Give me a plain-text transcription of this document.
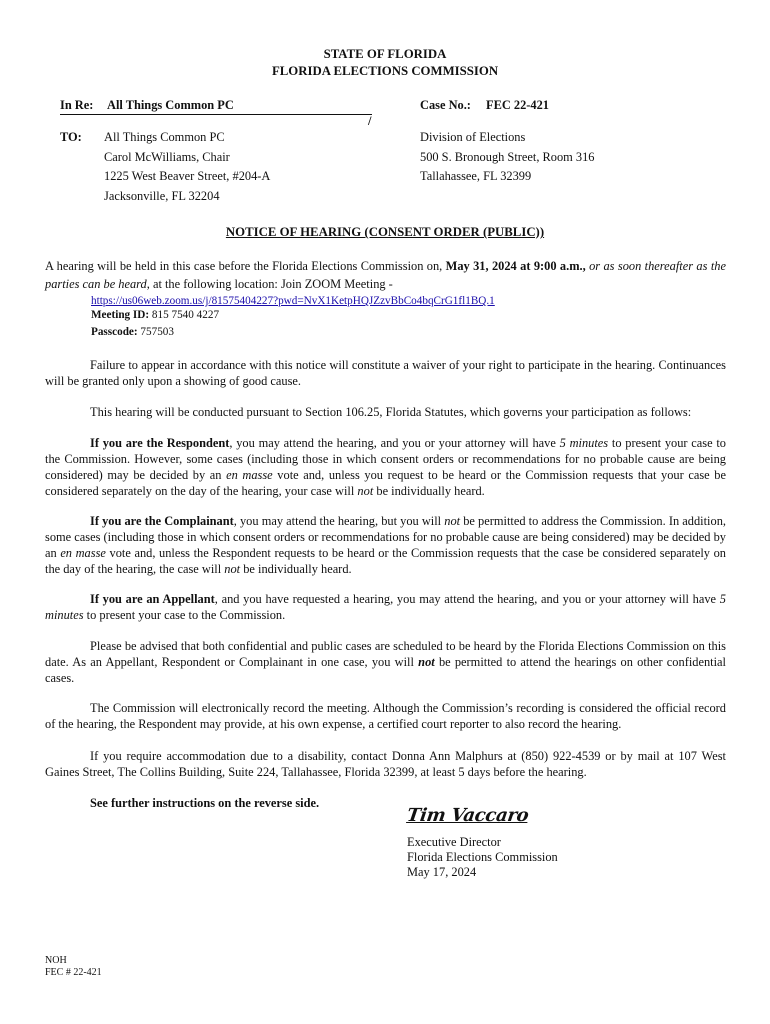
STATE OF FLORIDA
FLORIDA ELECTIONS COMMISSION
In Re: All Things Common PC	Case No.: FEC 22-421
/
TO: All Things Common PC
Carol McWilliams, Chair
1225 West Beaver Street, #204-A
Jacksonville, FL 32204
Division of Elections
500 S. Bronough Street, Room 316
Tallahassee, FL 32399
NOTICE OF HEARING (CONSENT ORDER (PUBLIC))
A hearing will be held in this case before the Florida Elections Commission on, May 31, 2024 at 9:00 a.m., or as soon thereafter as the parties can be heard, at the following location: Join ZOOM Meeting -
https://us06web.zoom.us/j/81575404227?pwd=NvX1KetpHQJZzvBbCo4bqCrG1fl1BQ.1
Meeting ID: 815 7540 4227
Passcode: 757503
Failure to appear in accordance with this notice will constitute a waiver of your right to participate in the hearing. Continuances will be granted only upon a showing of good cause.
This hearing will be conducted pursuant to Section 106.25, Florida Statutes, which governs your participation as follows:
If you are the Respondent, you may attend the hearing, and you or your attorney will have 5 minutes to present your case to the Commission. However, some cases (including those in which consent orders or recommendations for no probable cause are being considered) may be decided by an en masse vote and, unless you request to be heard or the Commission requests that your case be considered separately on the day of the hearing, your case will not be individually heard.
If you are the Complainant, you may attend the hearing, but you will not be permitted to address the Commission. In addition, some cases (including those in which consent orders or recommendations for no probable cause are being considered) may be decided by an en masse vote and, unless the Respondent requests to be heard or the Commission requests that the case be considered separately on the day of the hearing, the case will not be individually heard.
If you are an Appellant, and you have requested a hearing, you may attend the hearing, and you or your attorney will have 5 minutes to present your case to the Commission.
Please be advised that both confidential and public cases are scheduled to be heard by the Florida Elections Commission on this date. As an Appellant, Respondent or Complainant in one case, you will not be permitted to attend the hearings on other confidential cases.
The Commission will electronically record the meeting. Although the Commission’s recording is considered the official record of the hearing, the Respondent may provide, at his own expense, a certified court reporter to also record the hearing.
If you require accommodation due to a disability, contact Donna Ann Malphurs at (850) 922-4539 or by mail at 107 West Gaines Street, The Collins Building, Suite 224, Tallahassee, Florida 32399, at least 5 days before the hearing.
See further instructions on the reverse side.
Tim Vaccaro
Executive Director
Florida Elections Commission
May 17, 2024
NOH
FEC # 22-421
